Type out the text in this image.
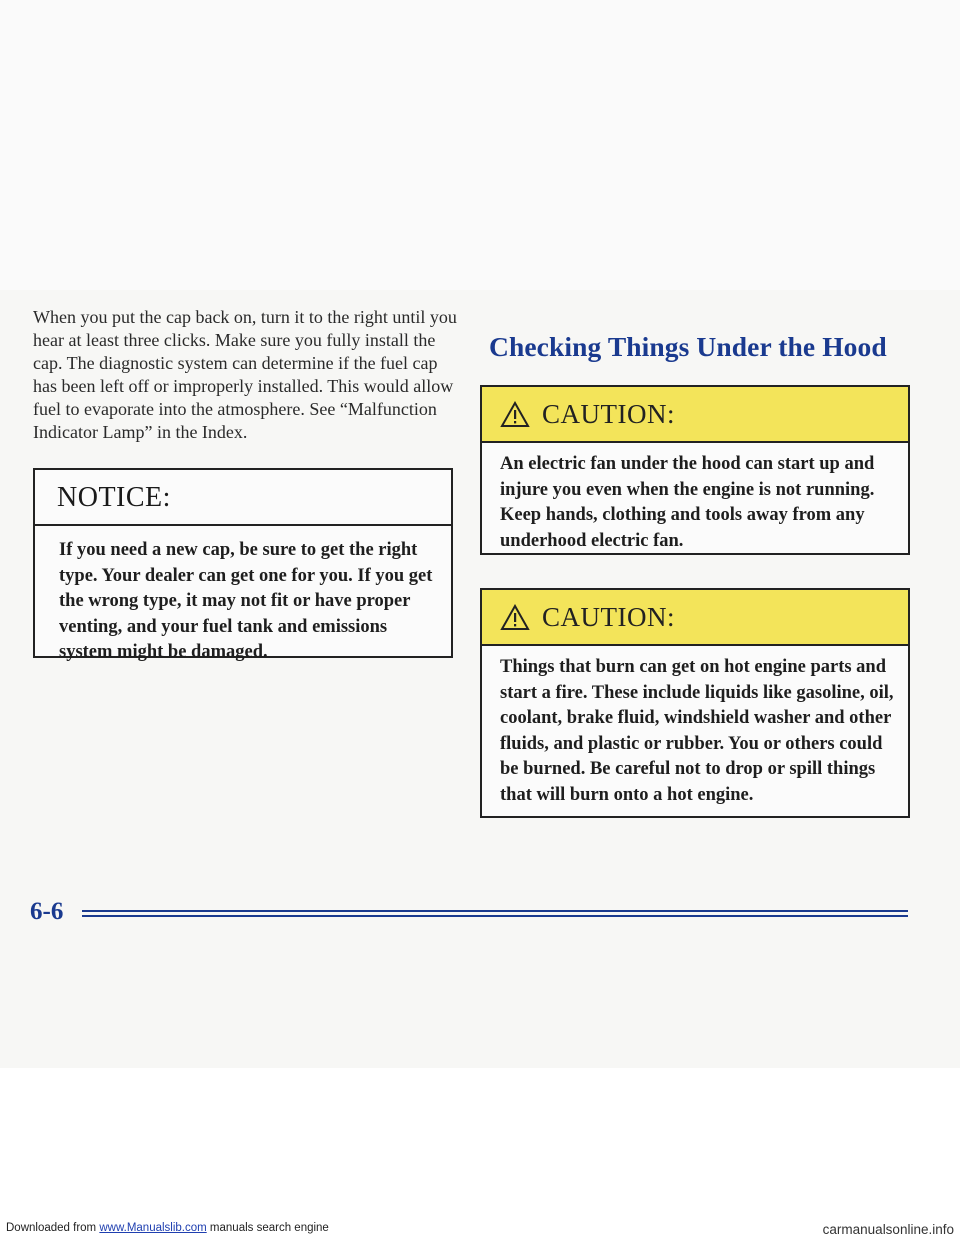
When you put the cap back on, turn it to the right until you hear at least three clicks. Make sure you fully install the cap. The diagnostic system can determine if the fuel cap has been left off or improperly installed. This would allow fuel to evaporate into the atmosphere. See “Malfunction Indicator Lamp” in the Index.

NOTICE:
If you need a new cap, be sure to get the right type. Your dealer can get one for you. If you get the wrong type, it may not fit or have proper venting, and your fuel tank and emissions system might be damaged.
Checking Things Under the Hood
CAUTION:
An electric fan under the hood can start up and injure you even when the engine is not running. Keep hands, clothing and tools away from any underhood electric fan.
CAUTION:
Things that burn can get on hot engine parts and start a fire. These include liquids like gasoline, oil, coolant, brake fluid, windshield washer and other fluids, and plastic or rubber. You or others could be burned. Be careful not to drop or spill things that will burn onto a hot engine.
6-6
Downloaded from www.Manualslib.com manuals search engine	carmanualsonline.info
